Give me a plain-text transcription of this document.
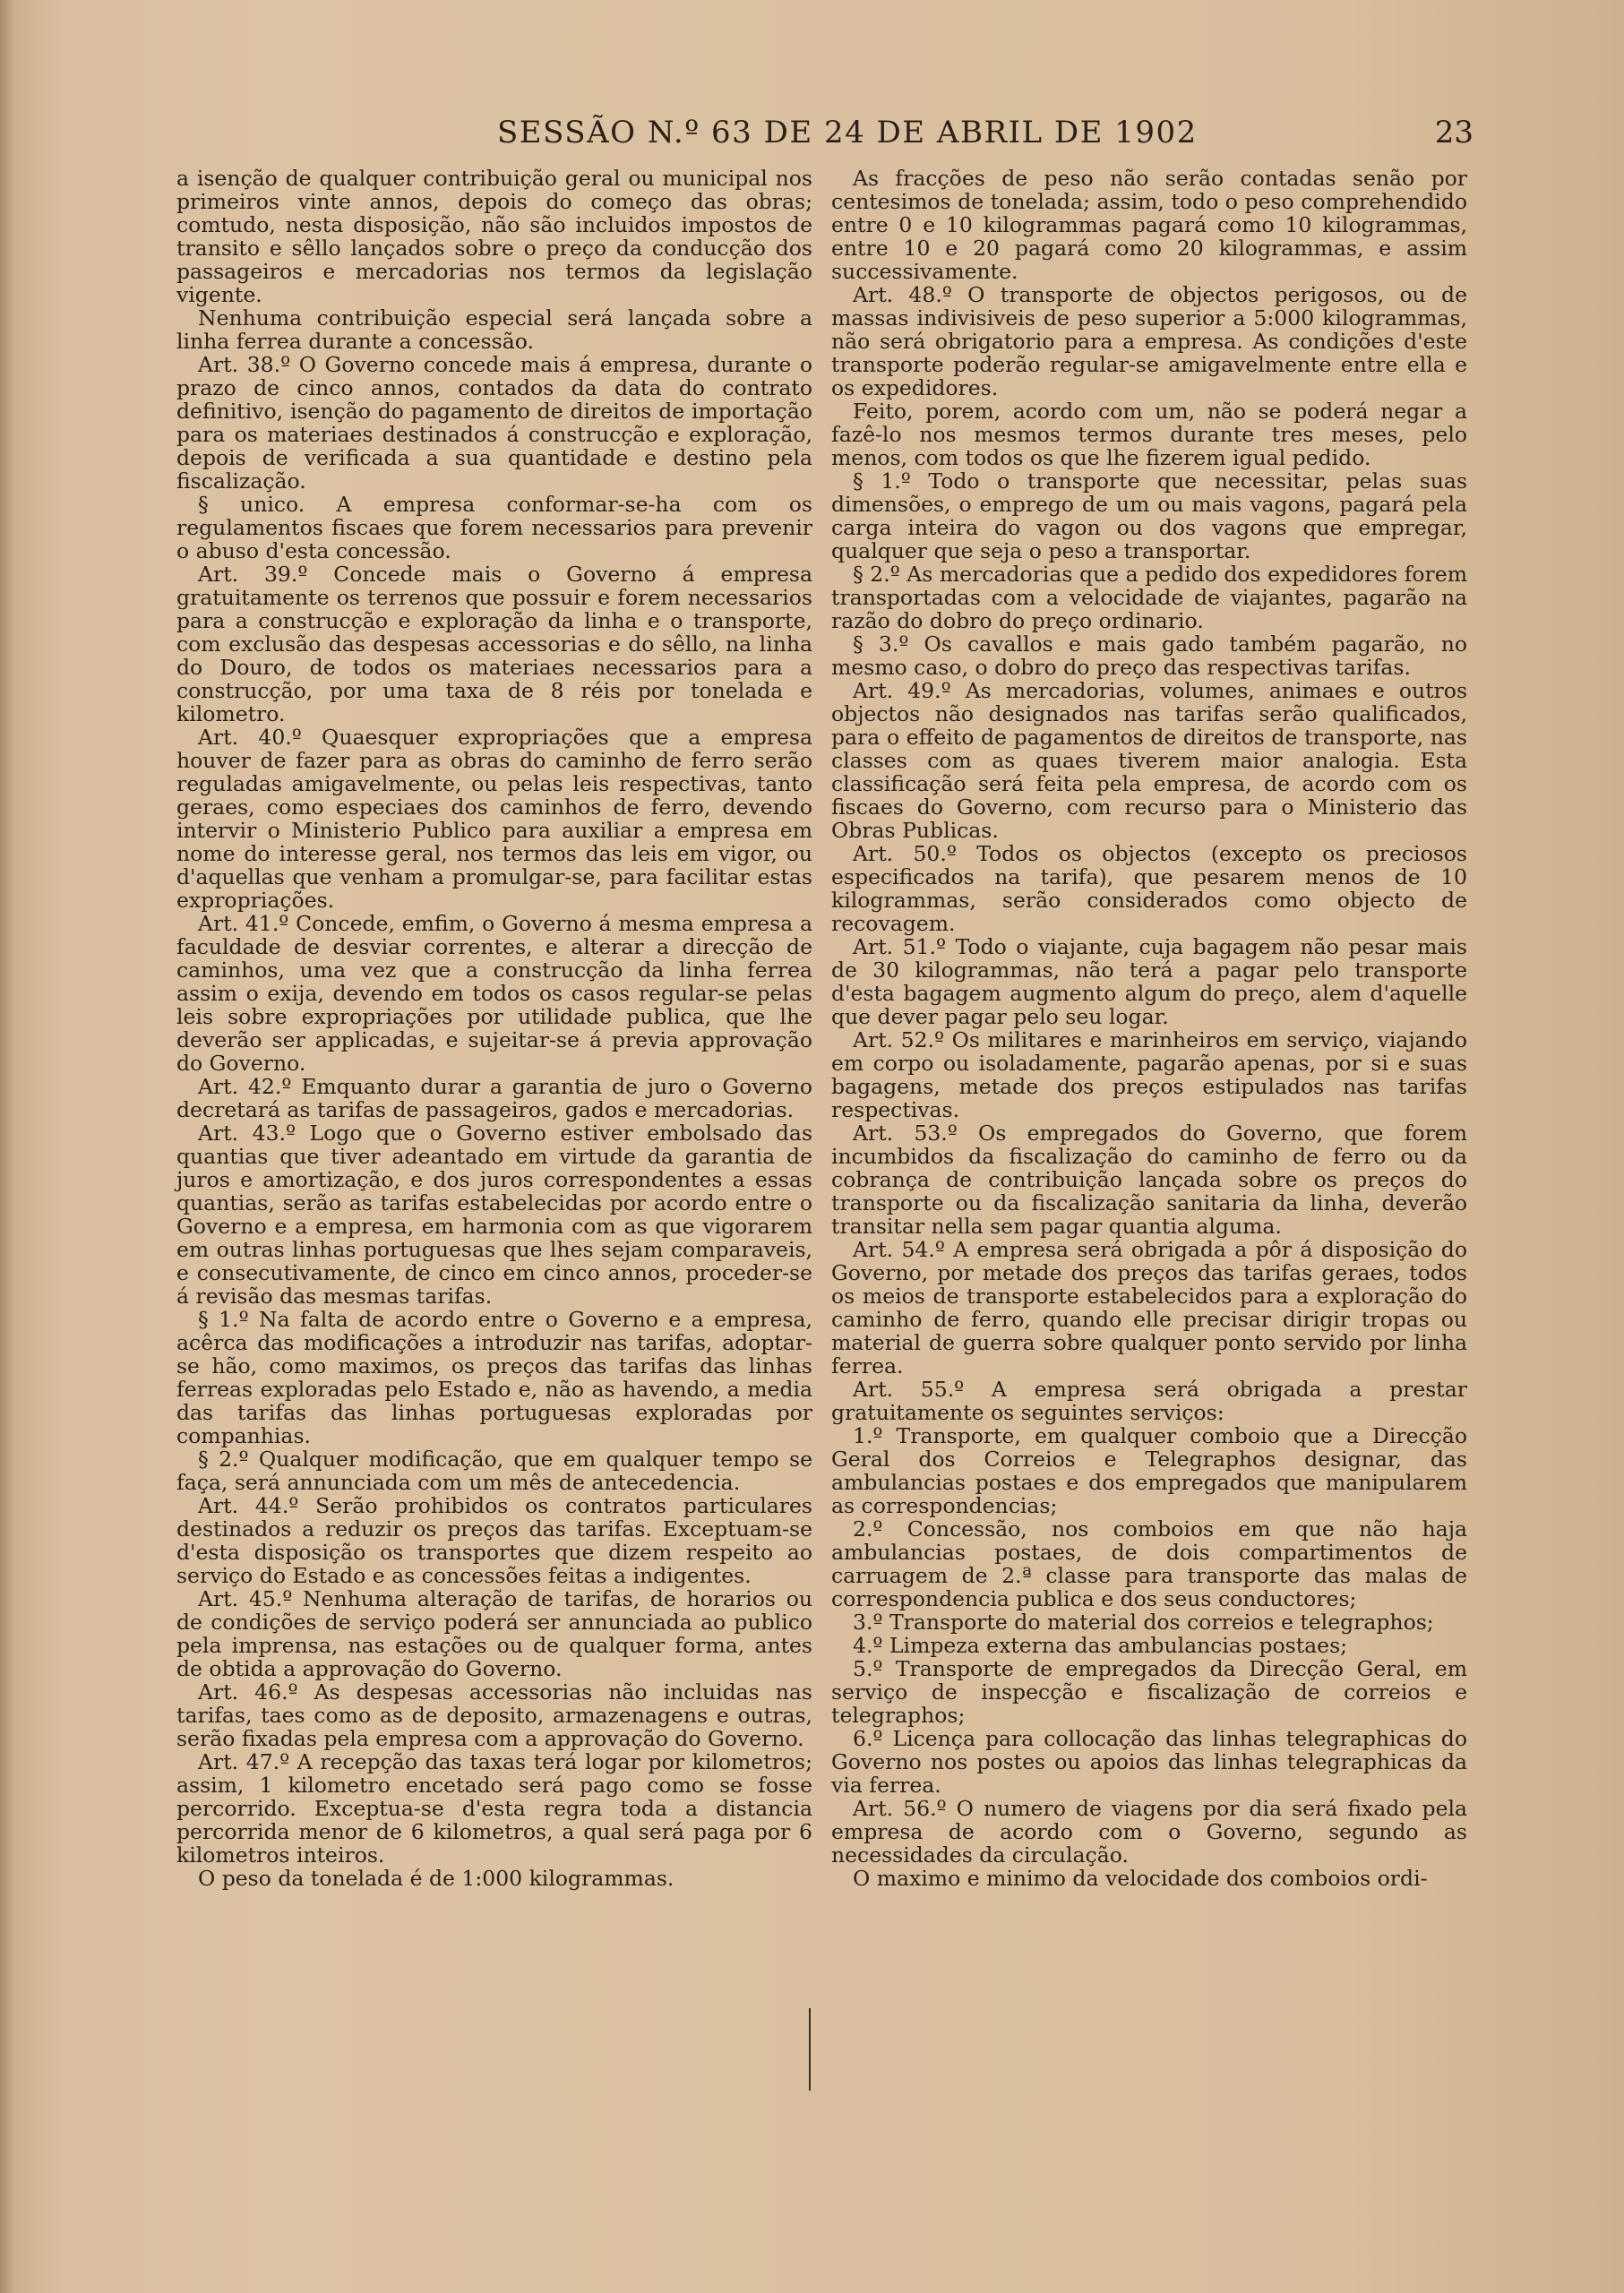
SESSÃO N.º 63 DE 24 DE ABRIL DE 1902	23

a isenção de qualquer contribuição geral ou municipal nos primeiros vinte annos, depois do começo das obras; comtudo, nesta disposição, não são incluidos impostos de transito e sêllo lançados sobre o preço da conducção dos passageiros e mercadorias nos termos da legislação vigente.

Nenhuma contribuição especial será lançada sobre a linha ferrea durante a concessão.

Art. 38.º O Governo concede mais á empresa, durante o prazo de cinco annos, contados da data do contrato definitivo, isenção do pagamento de direitos de importação para os materiaes destinados á construcção e exploração, depois de verificada a sua quantidade e destino pela fiscalização.

§ unico. A empresa conformar-se-ha com os regulamentos fiscaes que forem necessarios para prevenir o abuso d'esta concessão.

Art. 39.º Concede mais o Governo á empresa gratuitamente os terrenos que possuir e forem necessarios para a construcção e exploração da linha e o transporte, com exclusão das despesas accessorias e do sêllo, na linha do Douro, de todos os materiaes necessarios para a construcção, por uma taxa de 8 réis por tonelada e kilometro.

Art. 40.º Quaesquer expropriações que a empresa houver de fazer para as obras do caminho de ferro serão reguladas amigavelmente, ou pelas leis respectivas, tanto geraes, como especiaes dos caminhos de ferro, devendo intervir o Ministerio Publico para auxiliar a empresa em nome do interesse geral, nos termos das leis em vigor, ou d'aquellas que venham a promulgar-se, para facilitar estas expropriações.

Art. 41.º Concede, emfim, o Governo á mesma empresa a faculdade de desviar correntes, e alterar a direcção de caminhos, uma vez que a construcção da linha ferrea assim o exija, devendo em todos os casos regular-se pelas leis sobre expropriações por utilidade publica, que lhe deverão ser applicadas, e sujeitar-se á previa approvação do Governo.

Art. 42.º Emquanto durar a garantia de juro o Governo decretará as tarifas de passageiros, gados e mercadorias.

Art. 43.º Logo que o Governo estiver embolsado das quantias que tiver adeantado em virtude da garantia de juros e amortização, e dos juros correspondentes a essas quantias, serão as tarifas estabelecidas por acordo entre o Governo e a empresa, em harmonia com as que vigorarem em outras linhas portuguesas que lhes sejam comparaveis, e consecutivamente, de cinco em cinco annos, proceder-se á revisão das mesmas tarifas.

§ 1.º Na falta de acordo entre o Governo e a empresa, acêrca das modificações a introduzir nas tarifas, adoptar-se hão, como maximos, os preços das tarifas das linhas ferreas exploradas pelo Estado e, não as havendo, a media das tarifas das linhas portuguesas exploradas por companhias.

§ 2.º Qualquer modificação, que em qualquer tempo se faça, será annunciada com um mês de antecedencia.

Art. 44.º Serão prohibidos os contratos particulares destinados a reduzir os preços das tarifas. Exceptuam-se d'esta disposição os transportes que dizem respeito ao serviço do Estado e as concessões feitas a indigentes.

Art. 45.º Nenhuma alteração de tarifas, de horarios ou de condições de serviço poderá ser annunciada ao publico pela imprensa, nas estações ou de qualquer forma, antes de obtida a approvação do Governo.

Art. 46.º As despesas accessorias não incluidas nas tarifas, taes como as de deposito, armazenagens e outras, serão fixadas pela empresa com a approvação do Governo.

Art. 47.º A recepção das taxas terá logar por kilometros; assim, 1 kilometro encetado será pago como se fosse percorrido. Exceptua-se d'esta regra toda a distancia percorrida menor de 6 kilometros, a qual será paga por 6 kilometros inteiros.

O peso da tonelada é de 1:000 kilogrammas.

As fracções de peso não serão contadas senão por centesimos de tonelada; assim, todo o peso comprehendido entre 0 e 10 kilogrammas pagará como 10 kilogrammas, entre 10 e 20 pagará como 20 kilogrammas, e assim successivamente.

Art. 48.º O transporte de objectos perigosos, ou de massas indivisiveis de peso superior a 5:000 kilogrammas, não será obrigatorio para a empresa. As condições d'este transporte poderão regular-se amigavelmente entre ella e os expedidores.

Feito, porem, acordo com um, não se poderá negar a fazê-lo nos mesmos termos durante tres meses, pelo menos, com todos os que lhe fizerem igual pedido.

§ 1.º Todo o transporte que necessitar, pelas suas dimensões, o emprego de um ou mais vagons, pagará pela carga inteira do vagon ou dos vagons que empregar, qualquer que seja o peso a transportar.

§ 2.º As mercadorias que a pedido dos expedidores forem transportadas com a velocidade de viajantes, pagarão na razão do dobro do preço ordinario.

§ 3.º Os cavallos e mais gado também pagarão, no mesmo caso, o dobro do preço das respectivas tarifas.

Art. 49.º As mercadorias, volumes, animaes e outros objectos não designados nas tarifas serão qualificados, para o effeito de pagamentos de direitos de transporte, nas classes com as quaes tiverem maior analogia. Esta classificação será feita pela empresa, de acordo com os fiscaes do Governo, com recurso para o Ministerio das Obras Publicas.

Art. 50.º Todos os objectos (excepto os preciosos especificados na tarifa), que pesarem menos de 10 kilogrammas, serão considerados como objecto de recovagem.

Art. 51.º Todo o viajante, cuja bagagem não pesar mais de 30 kilogrammas, não terá a pagar pelo transporte d'esta bagagem augmento algum do preço, alem d'aquelle que dever pagar pelo seu logar.

Art. 52.º Os militares e marinheiros em serviço, viajando em corpo ou isoladamente, pagarão apenas, por si e suas bagagens, metade dos preços estipulados nas tarifas respectivas.

Art. 53.º Os empregados do Governo, que forem incumbidos da fiscalização do caminho de ferro ou da cobrança de contribuição lançada sobre os preços do transporte ou da fiscalização sanitaria da linha, deverão transitar nella sem pagar quantia alguma.

Art. 54.º A empresa será obrigada a pôr á disposição do Governo, por metade dos preços das tarifas geraes, todos os meios de transporte estabelecidos para a exploração do caminho de ferro, quando elle precisar dirigir tropas ou material de guerra sobre qualquer ponto servido por linha ferrea.

Art. 55.º A empresa será obrigada a prestar gratuitamente os seguintes serviços:

1.º Transporte, em qualquer comboio que a Direcção Geral dos Correios e Telegraphos designar, das ambulancias postaes e dos empregados que manipularem as correspondencias;

2.º Concessão, nos comboios em que não haja ambulancias postaes, de dois compartimentos de carruagem de 2.ª classe para transporte das malas de correspondencia publica e dos seus conductores;

3.º Transporte do material dos correios e telegraphos;

4.º Limpeza externa das ambulancias postaes;

5.º Transporte de empregados da Direcção Geral, em serviço de inspecção e fiscalização de correios e telegraphos;

6.º Licença para collocação das linhas telegraphicas do Governo nos postes ou apoios das linhas telegraphicas da via ferrea.

Art. 56.º O numero de viagens por dia será fixado pela empresa de acordo com o Governo, segundo as necessidades da circulação.

O maximo e minimo da velocidade dos comboios ordi-
